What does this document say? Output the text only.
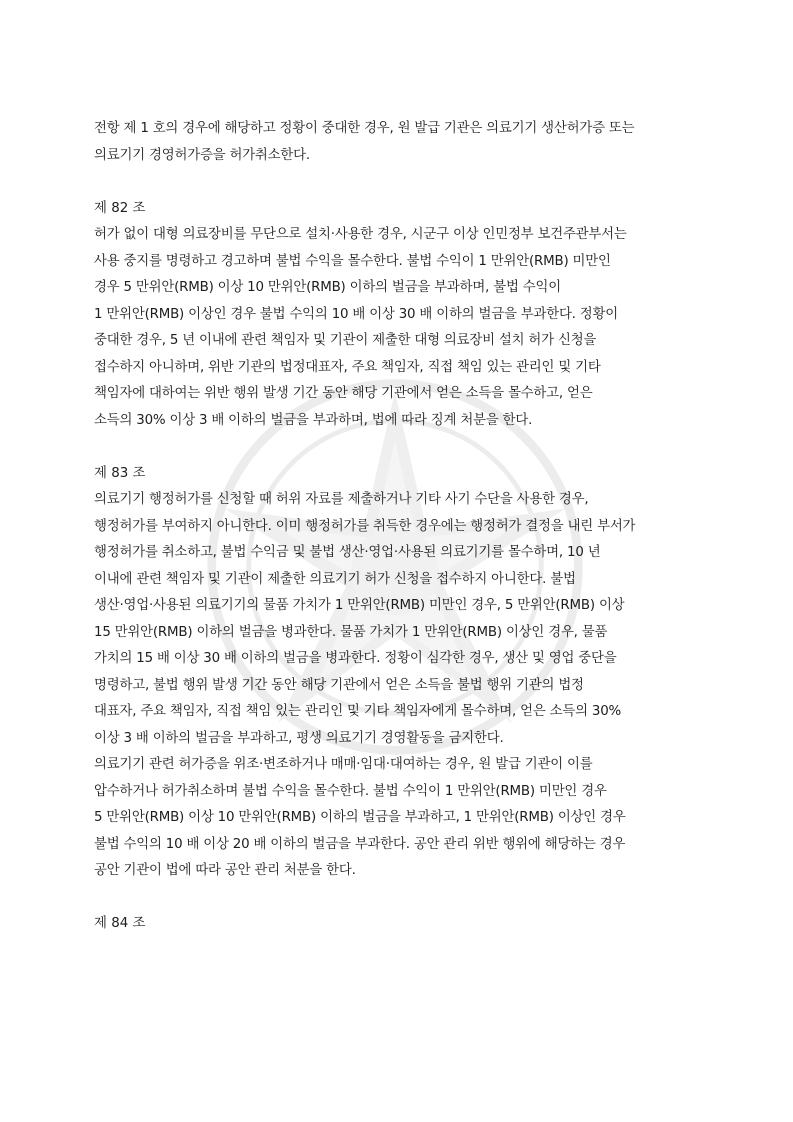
전항 제 1 호의 경우에 해당하고 정황이 중대한 경우, 원 발급 기관은 의료기기 생산허가증 또는
의료기기 경영허가증을 허가취소한다.
제 82 조
허가 없이 대형 의료장비를 무단으로 설치·사용한 경우, 시군구 이상 인민정부 보건주관부서는
사용 중지를 명령하고 경고하며 불법 수익을 몰수한다. 불법 수익이 1 만위안(RMB) 미만인
경우 5 만위안(RMB) 이상 10 만위안(RMB) 이하의 벌금을 부과하며, 불법 수익이
1 만위안(RMB) 이상인 경우 불법 수익의 10 배 이상 30 배 이하의 벌금을 부과한다. 정황이
중대한 경우, 5 년 이내에 관련 책임자 및 기관이 제출한 대형 의료장비 설치 허가 신청을
접수하지 아니하며, 위반 기관의 법정대표자, 주요 책임자, 직접 책임 있는 관리인 및 기타
책임자에 대하여는 위반 행위 발생 기간 동안 해당 기관에서 얻은 소득을 몰수하고, 얻은
소득의 30% 이상 3 배 이하의 벌금을 부과하며, 법에 따라 징계 처분을 한다.
제 83 조
의료기기 행정허가를 신청할 때 허위 자료를 제출하거나 기타 사기 수단을 사용한 경우,
행정허가를 부여하지 아니한다. 이미 행정허가를 취득한 경우에는 행정허가 결정을 내린 부서가
행정허가를 취소하고, 불법 수익금 및 불법 생산·영업·사용된 의료기기를 몰수하며, 10 년
이내에 관련 책임자 및 기관이 제출한 의료기기 허가 신청을 접수하지 아니한다. 불법
생산·영업·사용된 의료기기의 물품 가치가 1 만위안(RMB) 미만인 경우, 5 만위안(RMB) 이상
15 만위안(RMB) 이하의 벌금을 병과한다. 물품 가치가 1 만위안(RMB) 이상인 경우, 물품
가치의 15 배 이상 30 배 이하의 벌금을 병과한다. 정황이 심각한 경우, 생산 및 영업 중단을
명령하고, 불법 행위 발생 기간 동안 해당 기관에서 얻은 소득을 불법 행위 기관의 법정
대표자, 주요 책임자, 직접 책임 있는 관리인 및 기타 책임자에게 몰수하며, 얻은 소득의 30%
이상 3 배 이하의 벌금을 부과하고, 평생 의료기기 경영활동을 금지한다.
의료기기 관련 허가증을 위조·변조하거나 매매·임대·대여하는 경우, 원 발급 기관이 이를
압수하거나 허가취소하며 불법 수익을 몰수한다. 불법 수익이 1 만위안(RMB) 미만인 경우
5 만위안(RMB) 이상 10 만위안(RMB) 이하의 벌금을 부과하고, 1 만위안(RMB) 이상인 경우
불법 수익의 10 배 이상 20 배 이하의 벌금을 부과한다. 공안 관리 위반 행위에 해당하는 경우
공안 기관이 법에 따라 공안 관리 처분을 한다.
제 84 조
